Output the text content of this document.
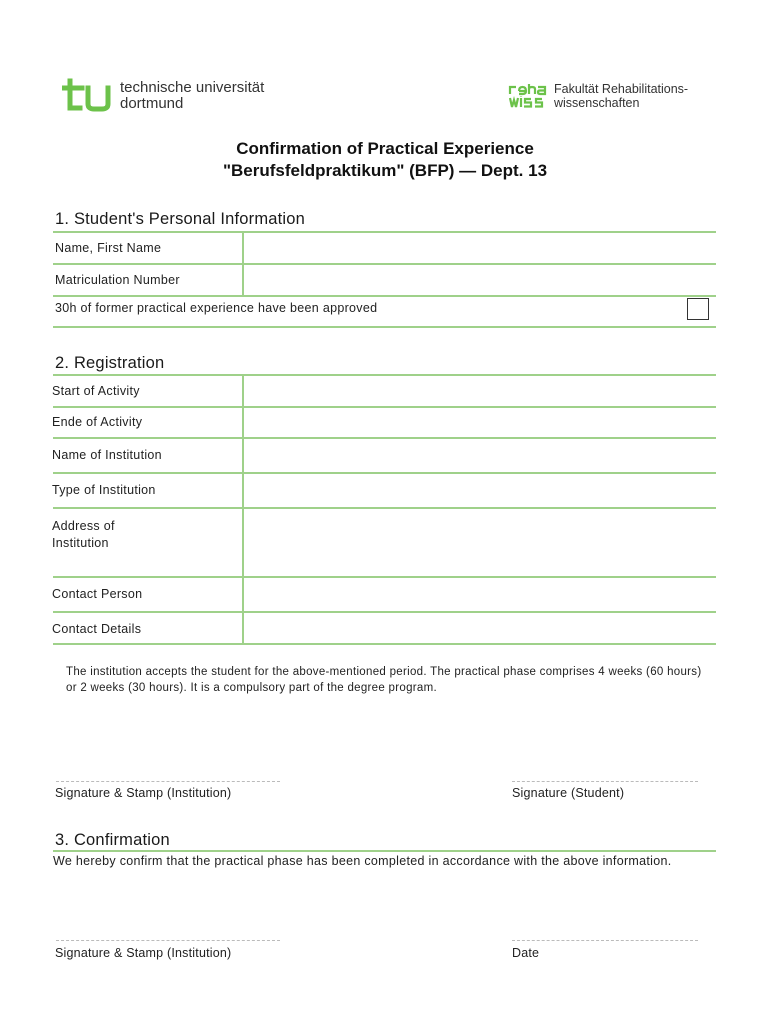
technische universität
dortmund
Fakultät Rehabilitations-
wissenschaften
Confirmation of Practical Experience
"Berufsfeldpraktikum" (BFP) — Dept. 13
1. Student's Personal Information
Name, First Name
Matriculation Number
30h of former practical experience have been approved
2. Registration
Start of Activity
Ende of Activity
Name of Institution
Type of Institution
Address of
Institution
Contact Person
Contact Details
The institution accepts the student for the above-mentioned period. The practical phase comprises 4 weeks (60 hours) or 2 weeks (30 hours). It is a compulsory part of the degree program.
Signature & Stamp (Institution)	Signature (Student)
3. Confirmation
We hereby confirm that the practical phase has been completed in accordance with the above information.
Signature & Stamp (Institution)	Date
